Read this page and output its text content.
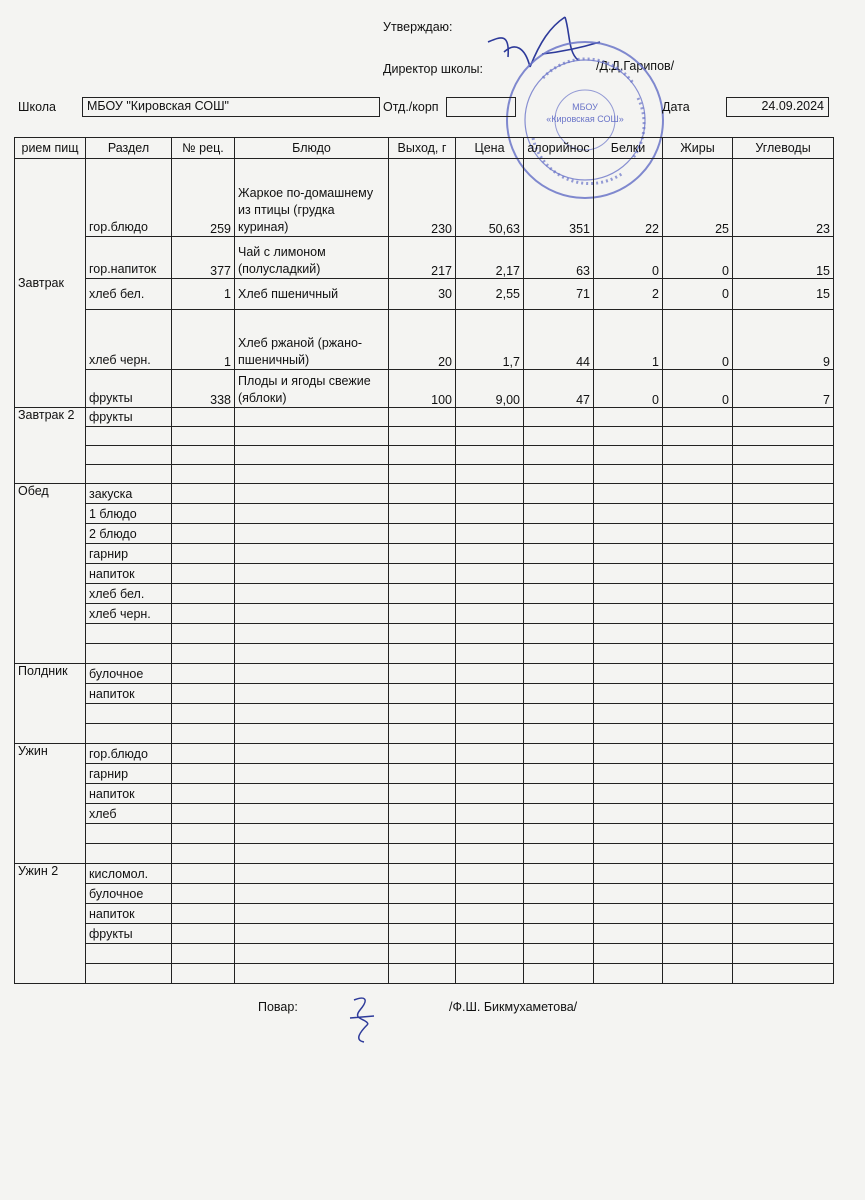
Утверждаю:
Директор школы:	/Д.Д.Гарипов/
МБОУ
«Кировская СОШ»
Школа	МБОУ "Кировская СОШ"	Отд./корп	Дата	24.09.2024
рием пищ	Раздел	№ рец.	Блюдо	Выход, г	Цена	алорийнос	Белки	Жиры	Углеводы
Завтрак	гор.блюдо	259	Жаркое по-домашнему из птицы (грудка куриная)	230	50,63	351	22	25	23
	гор.напиток	377	Чай с лимоном (полусладкий)	217	2,17	63	0	0	15
	хлеб бел.	1	Хлеб пшеничный	30	2,55	71	2	0	15
	хлеб черн.	1	Хлеб ржаной (ржано-пшеничный)	20	1,7	44	1	0	9
	фрукты	338	Плоды и ягоды свежие (яблоки)	100	9,00	47	0	0	7
Завтрак 2	фрукты								

Обед	закуска								
	1 блюдо								
	2 блюдо								
	гарнир								
	напиток								
	хлеб бел.								
	хлеб черн.								

Полдник	булочное								
	напиток								

Ужин	гор.блюдо								
	гарнир								
	напиток								
	хлеб								

Ужин 2	кисломол.								
	булочное								
	напиток								
	фрукты								

Повар:	/Ф.Ш. Бикмухаметова/
